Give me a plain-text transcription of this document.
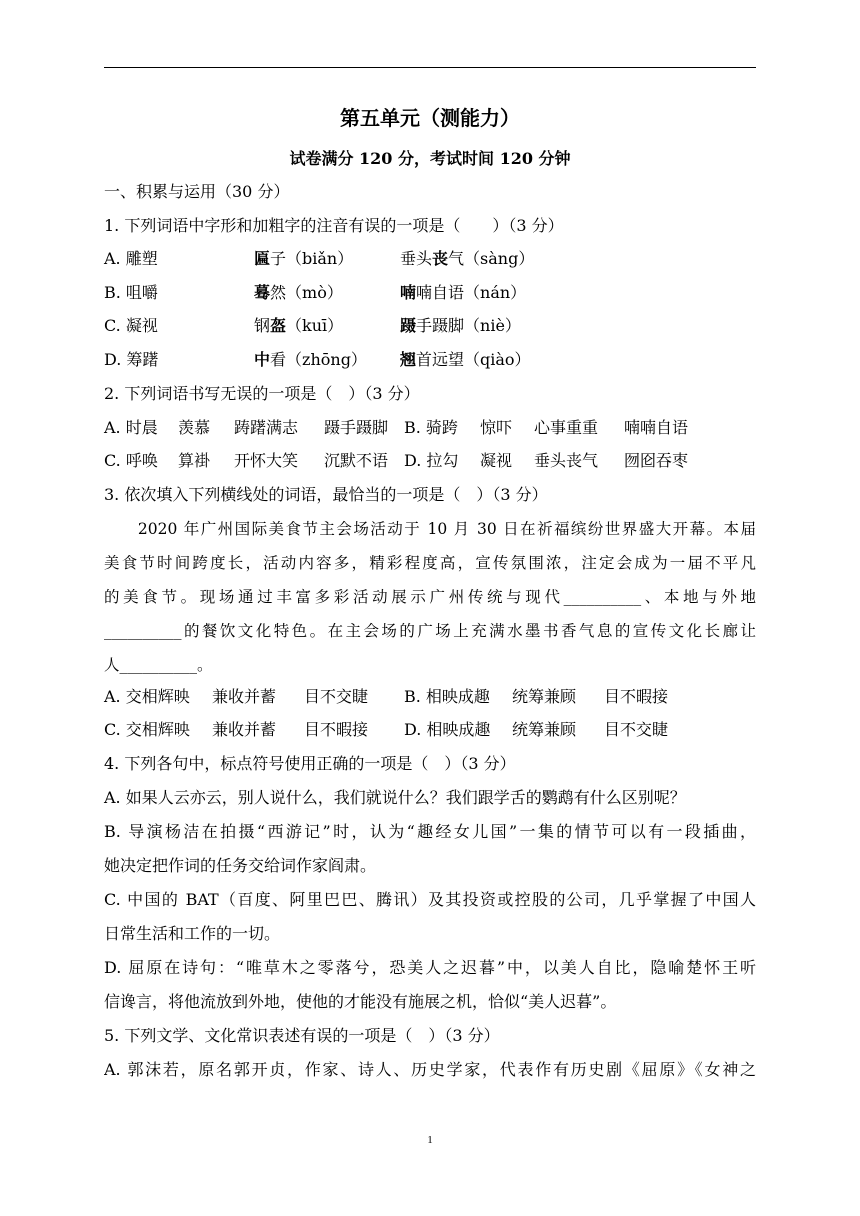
第五单元（测能力）
试卷满分 120 分，考试时间 120 分钟
一、积累与运用（30 分）
1. 下列词语中字形和加粗字的注音有误的一项是（　　）（3 分）
A. 雕塑	匾子（biǎn）	垂头丧气（sàng）
B. 咀嚼	蓦然（mò）	喃喃自语（nán）
C. 凝视	钢盔（kuī）	蹑手蹑脚（niè）
D. 筹躇	中看（zhōng） 翘首远望（qiào）
2. 下列词语书写无误的一项是（　）（3 分）
A. 时晨 羡慕 踌躇满志 蹑手蹑脚 B. 骑跨 惊吓 心事重重 喃喃自语
C. 呼唤 算褂 开怀大笑 沉默不语 D. 拉勾 凝视 垂头丧气 囫囵吞枣
3. 依次填入下列横线处的词语，最恰当的一项是（　）（3 分）
　　2020 年广州国际美食节主会场活动于 10 月 30 日在祈福缤纷世界盛大开幕。本届
美食节时间跨度长，活动内容多，精彩程度高，宣传氛围浓，注定会成为一届不平凡
的美食节。现场通过丰富多彩活动展示广州传统与现代__________、本地与外地
__________的餐饮文化特色。在主会场的广场上充满水墨书香气息的宣传文化长廊让
人__________。
A. 交相辉映 兼收并蓄 目不交睫 B. 相映成趣 统筹兼顾 目不暇接
C. 交相辉映 兼收并蓄 目不暇接 D. 相映成趣 统筹兼顾 目不交睫
4. 下列各句中，标点符号使用正确的一项是（　）（3 分）
A. 如果人云亦云，别人说什么，我们就说什么？我们跟学舌的鹦鹉有什么区别呢？
B. 导演杨洁在拍摄“西游记”时，认为“趣经女儿国”一集的情节可以有一段插曲，
她决定把作词的任务交给词作家阎肃。
C. 中国的 BAT（百度、阿里巴巴、腾讯）及其投资或控股的公司，几乎掌握了中国人
日常生活和工作的一切。
D. 屈原在诗句：“唯草木之零落兮，恐美人之迟暮”中，以美人自比，隐喻楚怀王听
信谗言，将他流放到外地，使他的才能没有施展之机，恰似“美人迟暮”。
5. 下列文学、文化常识表述有误的一项是（　）（3 分）
A. 郭沫若，原名郭开贞，作家、诗人、历史学家，代表作有历史剧《屈原》《女神之
1
